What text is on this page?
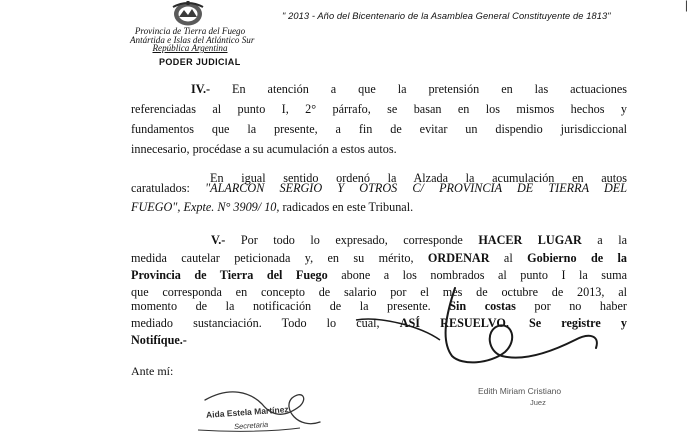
" 2013 - Año del Bicentenario de la Asamblea General Constituyente de 1813"
|
Provincia de Tierra del Fuego
Antártida e Islas del Atlántico Sur
República Argentina
PODER JUDICIAL
IV.- En atención a que la pretensión en las actuaciones
referenciadas al punto I, 2° párrafo, se basan en los mismos hechos y
fundamentos que la presente, a fin de evitar un dispendio jurisdiccional
innecesario, procédase a su acumulación a estos autos.
En igual sentido ordenó la Alzada la acumulación en autos
caratulados: "ALARCON SERGIO Y OTROS C/ PROVINCIA DE TIERRA DEL
FUEGO", Expte. N° 3909/ 10, radicados en este Tribunal.
V.- Por todo lo expresado, corresponde HACER LUGAR a la
medida cautelar peticionada y, en su mérito, ORDENAR al Gobierno de la
Provincia de Tierra del Fuego abone a los nombrados al punto I la suma
que corresponda en concepto de salario por el mes de octubre de 2013, al
momento de la notificación de la presente. Sin costas por no haber
mediado sustanciación. Todo lo cual, ASÍ RESUELVO. Se registre y
Notifíque.-
Ante mí:
Edith Miriam Cristiano
Juez
Aida Estela Martínez
Secretaria
